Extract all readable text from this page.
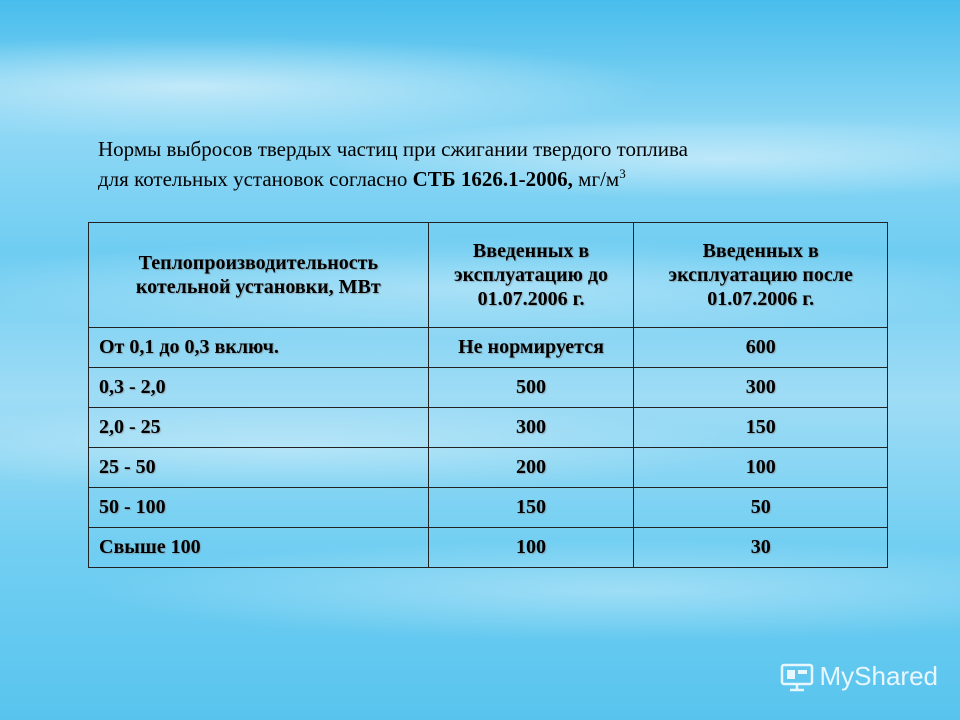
Нормы выбросов твердых частиц при сжигании твердого топлива
для котельных установок согласно СТБ 1626.1-2006, $мг/м^3$
Теплопроизводительность котельной установки, МВт	Введенных в эксплуатацию до 01.07.2006 г.	Введенных в эксплуатацию после 01.07.2006 г.
От 0,1 до 0,3 включ.	Не нормируется	600
0,3 - 2,0	500	300
2,0 - 25	300	150
25 - 50	200	100
50 - 100	150	50
Свыше 100	100	30
MyShared
